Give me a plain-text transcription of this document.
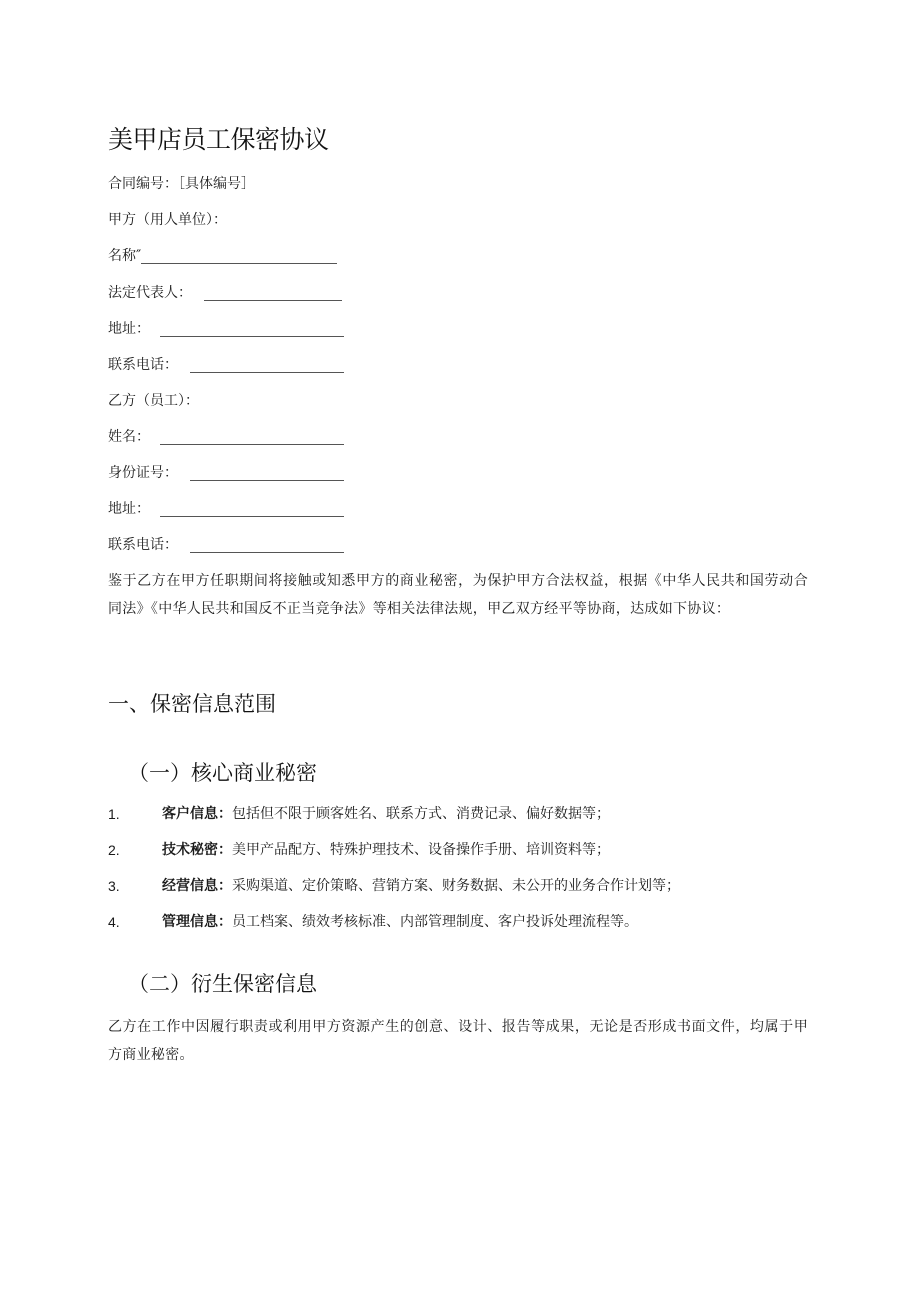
美甲店员工保密协议
合同编号：［具体编号］
甲方（用人单位）：
名称″
法定代表人：
地址：
联系电话：
乙方（员工）：
姓名：
身份证号：
地址：
联系电话：
鉴于乙方在甲方任职期间将接触或知悉甲方的商业秘密，为保护甲方合法权益，根据《中华人民共和国劳动合同法》《中华人民共和国反不正当竞争法》等相关法律法规，甲乙双方经平等协商，达成如下协议：
一、保密信息范围
（一）核心商业秘密
1.	客户信息：包括但不限于顾客姓名、联系方式、消费记录、偏好数据等；
2.	技术秘密：美甲产品配方、特殊护理技术、设备操作手册、培训资料等；
3.	经营信息：采购渠道、定价策略、营销方案、财务数据、未公开的业务合作计划等；
4.	管理信息：员工档案、绩效考核标准、内部管理制度、客户投诉处理流程等。
（二）衍生保密信息
乙方在工作中因履行职责或利用甲方资源产生的创意、设计、报告等成果，无论是否形成书面文件，均属于甲方商业秘密。
